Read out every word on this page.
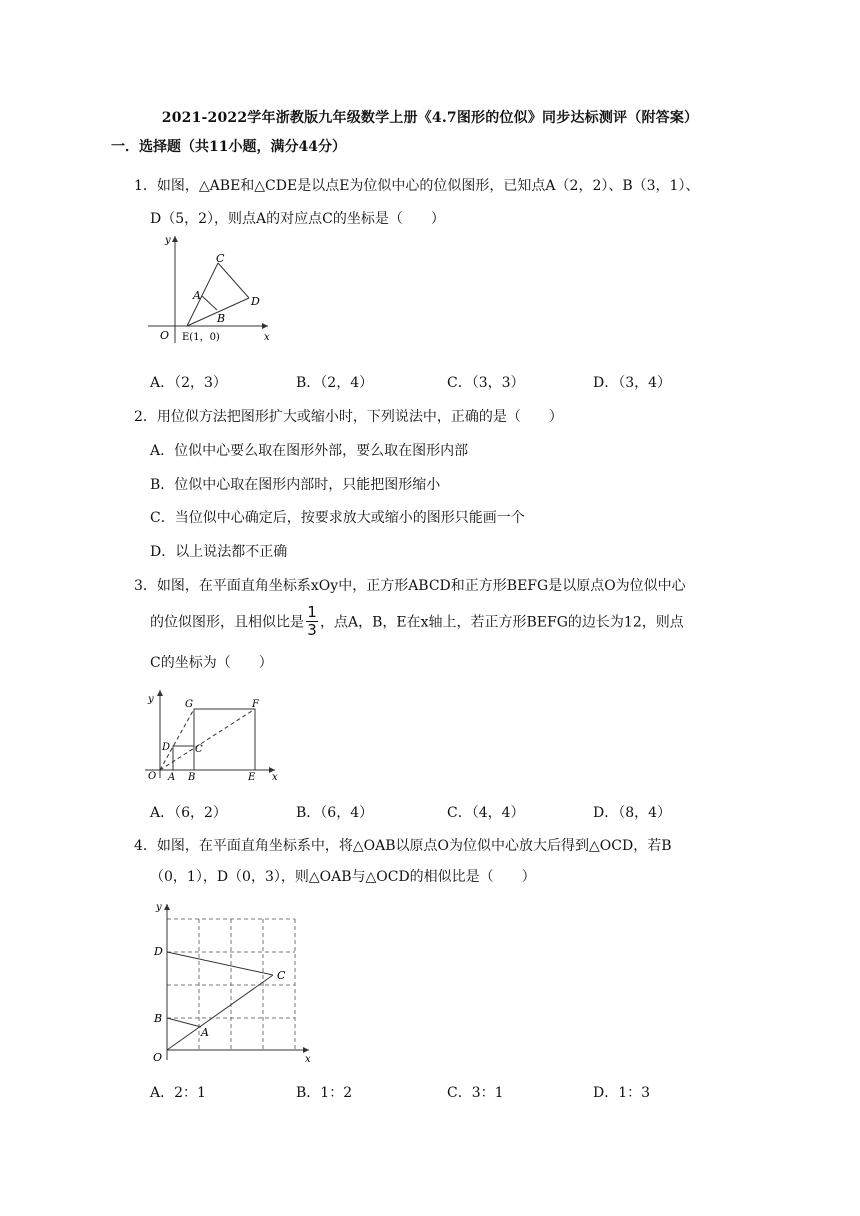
2021-2022学年浙教版九年级数学上册《4.7图形的位似》同步达标测评（附答案）
一．选择题（共11小题，满分44分）
1．如图，△ABE和△CDE是以点E为位似中心的位似图形，已知点A（2，2）、B（3，1）、
D（5，2），则点A的对应点C的坐标是（　　）
y
C
A	D
B
O E(1，0)	x
A．（2，3）	B．（2，4）	C．（3，3）	D．（3，4）
2．用位似方法把图形扩大或缩小时，下列说法中，正确的是（　　）
A．位似中心要么取在图形外部，要么取在图形内部
B．位似中心取在图形内部时，只能把图形缩小
C．当位似中心确定后，按要求放大或缩小的图形只能画一个
D．以上说法都不正确
3．如图，在平面直角坐标系xOy中，正方形ABCD和正方形BEFG是以原点O为位似中心
的位似图形，且相似比是 $\frac{1}{3}$ ，点A，B，E在x轴上，若正方形BEFG的边长为12，则点
C的坐标为（　　）
y	G	F
D C
O A B	E x
A．（6，2）	B．（6，4）	C．（4，4）	D．（8，4）
4．如图，在平面直角坐标系中，将△OAB以原点O为位似中心放大后得到△OCD，若B
（0，1），D（0，3），则△OAB与△OCD的相似比是（　　）
y
D
C
B
A
O	x
A．2：1	B．1：2	C．3：1	D．1：3
